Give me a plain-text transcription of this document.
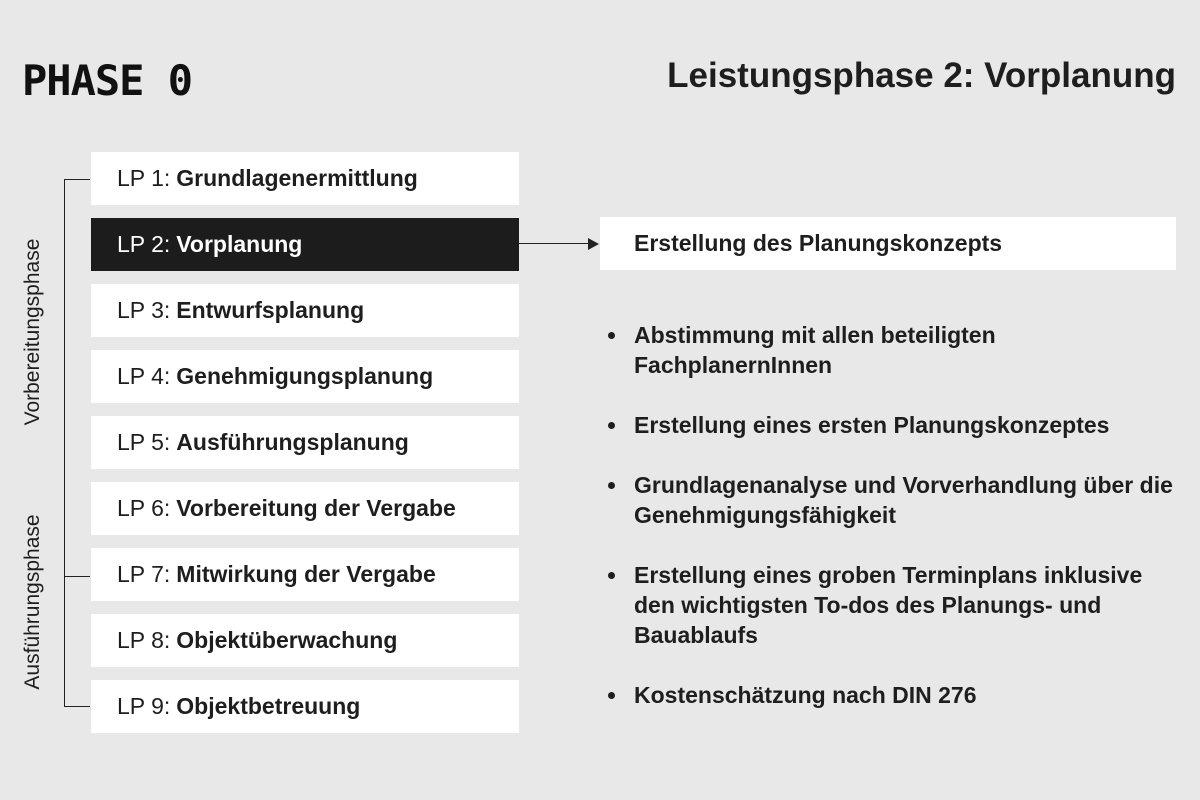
PHASE 0	Leistungsphase 2: Vorplanung
Vorbereitungsphase
Ausführungsphase
LP 1: Grundlagenermittlung
LP 2: Vorplanung
LP 3: Entwurfsplanung
LP 4: Genehmigungsplanung
LP 5: Ausführungsplanung
LP 6: Vorbereitung der Vergabe
LP 7: Mitwirkung der Vergabe
LP 8: Objektüberwachung
LP 9: Objektbetreuung
Erstellung des Planungskonzepts
Abstimmung mit allen beteiligten FachplanernInnen
Erstellung eines ersten Planungskonzeptes
Grundlagenanalyse und Vorverhandlung über die Genehmigungsfähigkeit
Erstellung eines groben Terminplans inklusive den wichtigsten To-dos des Planungs- und Bauablaufs
Kostenschätzung nach DIN 276
